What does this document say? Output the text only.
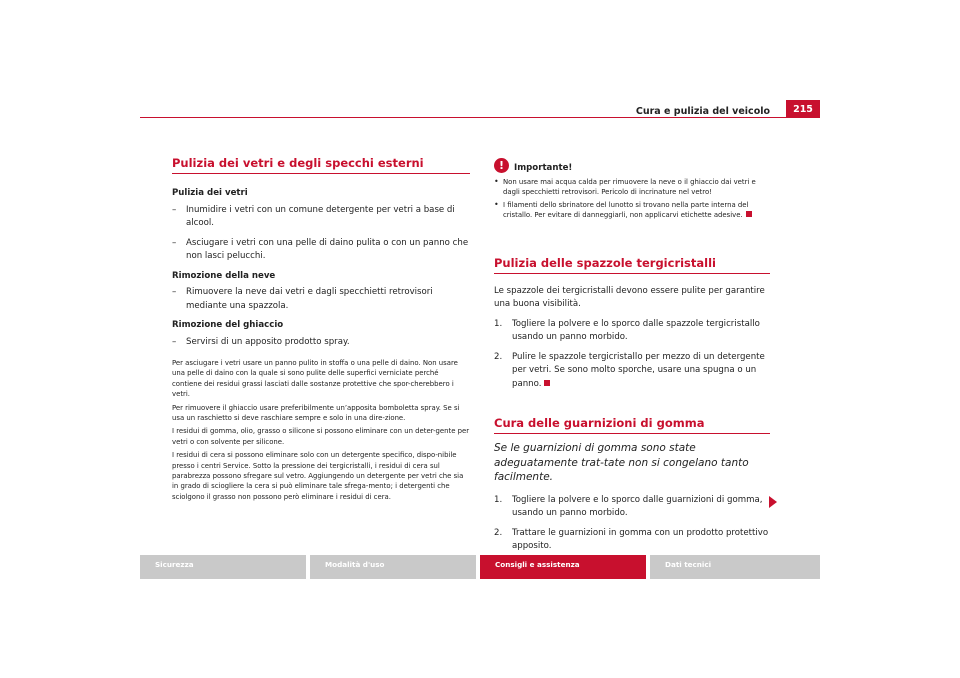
Cura e pulizia del veicolo	215
Pulizia dei vetri e degli specchi esterni
Pulizia dei vetri
– Inumidire i vetri con un comune detergente per vetri a base di alcool.
– Asciugare i vetri con una pelle di daino pulita o con un panno che non lasci pelucchi.
Rimozione della neve
– Rimuovere la neve dai vetri e dagli specchietti retrovisori mediante una spazzola.
Rimozione del ghiaccio
– Servirsi di un apposito prodotto spray.
Per asciugare i vetri usare un panno pulito in stoffa o una pelle di daino. Non usare una pelle di daino con la quale si sono pulite delle superfici verniciate perché contiene dei residui grassi lasciati dalle sostanze protettive che spor-cherebbero i vetri.
Per rimuovere il ghiaccio usare preferibilmente un’apposita bomboletta spray. Se si usa un raschietto si deve raschiare sempre e solo in una dire-zione.
I residui di gomma, olio, grasso o silicone si possono eliminare con un deter-gente per vetri o con solvente per silicone.
I residui di cera si possono eliminare solo con un detergente specifico, dispo-nibile presso i centri Service. Sotto la pressione dei tergicristalli, i residui di cera sul parabrezza possono sfregare sul vetro. Aggiungendo un detergente per vetri che sia in grado di sciogliere la cera si può eliminare tale sfrega-mento; i detergenti che sciolgono il grasso non possono però eliminare i residui di cera.
!	Importante!
• Non usare mai acqua calda per rimuovere la neve o il ghiaccio dai vetri e dagli specchietti retrovisori. Pericolo di incrinature nel vetro!
• I filamenti dello sbrinatore del lunotto si trovano nella parte interna del cristallo. Per evitare di danneggiarli, non applicarvi etichette adesive.
Pulizia delle spazzole tergicristalli
Le spazzole dei tergicristalli devono essere pulite per garantire una buona visibilità.
1. Togliere la polvere e lo sporco dalle spazzole tergicristallo usando un panno morbido.
2. Pulire le spazzole tergicristallo per mezzo di un detergente per vetri. Se sono molto sporche, usare una spugna o un panno.
Cura delle guarnizioni di gomma
Se le guarnizioni di gomma sono state adeguatamente trat-tate non si congelano tanto facilmente.
1. Togliere la polvere e lo sporco dalle guarnizioni di gomma, usando un panno morbido.
2. Trattare le guarnizioni in gomma con un prodotto protettivo apposito.
Sicurezza	Modalità d'uso	Consigli e assistenza	Dati tecnici
